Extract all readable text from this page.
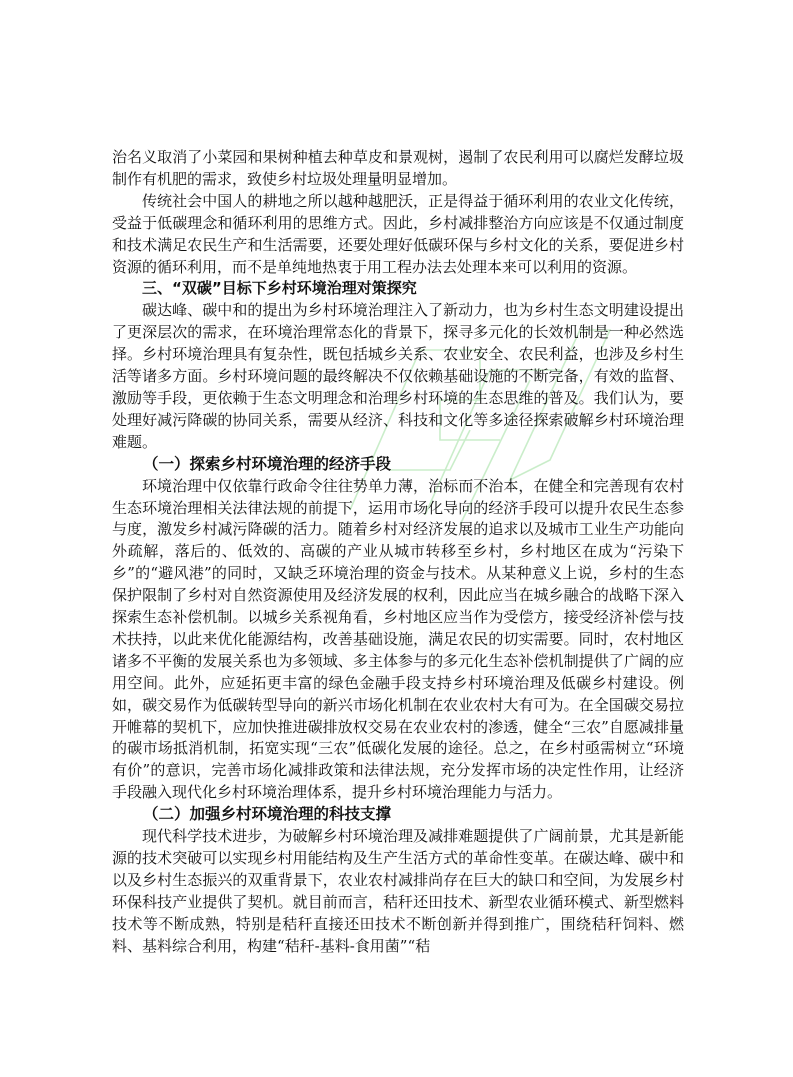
治名义取消了小菜园和果树种植去种草皮和景观树，遏制了农民利用可以腐烂发酵垃圾制作有机肥的需求，致使乡村垃圾处理量明显增加。

传统社会中国人的耕地之所以越种越肥沃，正是得益于循环利用的农业文化传统，受益于低碳理念和循环利用的思维方式。因此，乡村减排整治方向应该是不仅通过制度和技术满足农民生产和生活需要，还要处理好低碳环保与乡村文化的关系，要促进乡村资源的循环利用，而不是单纯地热衷于用工程办法去处理本来可以利用的资源。

三、“双碳”目标下乡村环境治理对策探究

碳达峰、碳中和的提出为乡村环境治理注入了新动力，也为乡村生态文明建设提出了更深层次的需求，在环境治理常态化的背景下，探寻多元化的长效机制是一种必然选择。乡村环境治理具有复杂性，既包括城乡关系、农业安全、农民利益，也涉及乡村生活等诸多方面。乡村环境问题的最终解决不仅依赖基础设施的不断完备，有效的监督、激励等手段，更依赖于生态文明理念和治理乡村环境的生态思维的普及。我们认为，要处理好减污降碳的协同关系，需要从经济、科技和文化等多途径探索破解乡村环境治理难题。

（一）探索乡村环境治理的经济手段

环境治理中仅依靠行政命令往往势单力薄，治标而不治本，在健全和完善现有农村生态环境治理相关法律法规的前提下，运用市场化导向的经济手段可以提升农民生态参与度，激发乡村减污降碳的活力。随着乡村对经济发展的追求以及城市工业生产功能向外疏解，落后的、低效的、高碳的产业从城市转移至乡村，乡村地区在成为“污染下乡”的“避风港”的同时，又缺乏环境治理的资金与技术。从某种意义上说，乡村的生态保护限制了乡村对自然资源使用及经济发展的权利，因此应当在城乡融合的战略下深入探索生态补偿机制。以城乡关系视角看，乡村地区应当作为受偿方，接受经济补偿与技术扶持，以此来优化能源结构，改善基础设施，满足农民的切实需要。同时，农村地区诸多不平衡的发展关系也为多领域、多主体参与的多元化生态补偿机制提供了广阔的应用空间。此外，应延拓更丰富的绿色金融手段支持乡村环境治理及低碳乡村建设。例如，碳交易作为低碳转型导向的新兴市场化机制在农业农村大有可为。在全国碳交易拉开帷幕的契机下，应加快推进碳排放权交易在农业农村的渗透，健全“三农”自愿减排量的碳市场抵消机制，拓宽实现“三农”低碳化发展的途径。总之，在乡村亟需树立“环境有价”的意识，完善市场化减排政策和法律法规，充分发挥市场的决定性作用，让经济手段融入现代化乡村环境治理体系，提升乡村环境治理能力与活力。

（二）加强乡村环境治理的科技支撑

现代科学技术进步，为破解乡村环境治理及减排难题提供了广阔前景，尤其是新能源的技术突破可以实现乡村用能结构及生产生活方式的革命性变革。在碳达峰、碳中和以及乡村生态振兴的双重背景下，农业农村减排尚存在巨大的缺口和空间，为发展乡村环保科技产业提供了契机。就目前而言，秸秆还田技术、新型农业循环模式、新型燃料技术等不断成熟，特别是秸秆直接还田技术不断创新并得到推广，围绕秸秆饲料、燃料、基料综合利用，构建“秸秆-基料-食用菌”“秸
